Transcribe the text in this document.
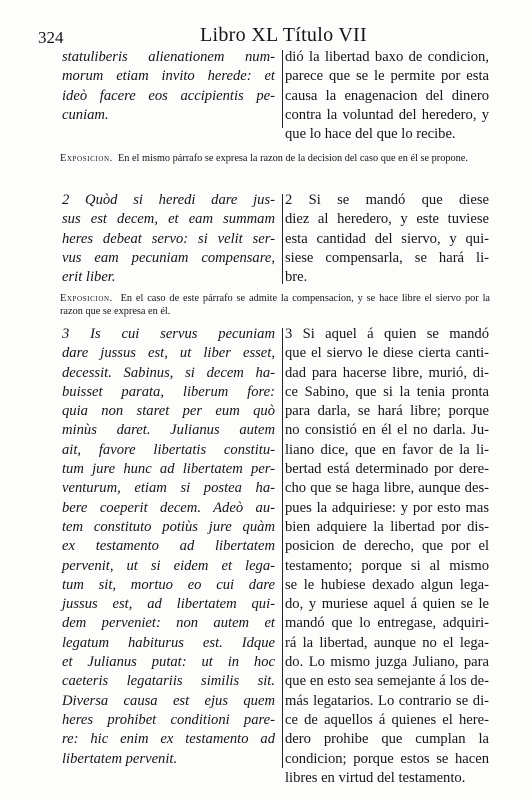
324	Libro XL Título VII
statuliberis alienationem num-
morum etiam invito herede: et
ideò facere eos accipientis pe-
cuniam.
dió la libertad baxo de condicion,
parece que se le permite por esta
causa la enagenacion del dinero
contra la voluntad del heredero, y
que lo hace del que lo recibe.
Exposicion. En el mismo párrafo se expresa la razon de la decision del caso que en él se propone.
2 Quòd si heredi dare jus-
sus est decem, et eam summam
heres debeat servo: si velit ser-
vus eam pecuniam compensare,
erit liber.
2 Si se mandó que diese
diez al heredero, y este tuviese
esta cantidad del siervo, y qui-
siese compensarla, se hará li-
bre.
Exposicion. En el caso de este párrafo se admite la compensacion, y se hace libre el siervo por la razon que se expresa en él.
3 Is cui servus pecuniam
dare jussus est, ut liber esset,
decessit. Sabinus, si decem ha-
buisset parata, liberum fore:
quia non staret per eum quò
minùs daret. Julianus autem
ait, favore libertatis constitu-
tum jure hunc ad libertatem per-
venturum, etiam si postea ha-
bere coeperit decem. Adeò au-
tem constituto potiùs jure quàm
ex testamento ad libertatem
pervenit, ut si eidem et lega-
tum sit, mortuo eo cui dare
jussus est, ad libertatem qui-
dem perveniet: non autem et
legatum habiturus est. Idque
et Julianus putat: ut in hoc
caeteris legatariis similis sit.
Diversa causa est ejus quem
heres prohibet conditioni pare-
re: hic enim ex testamento ad
libertatem pervenit.
3 Si aquel á quien se mandó
que el siervo le diese cierta canti-
dad para hacerse libre, murió, di-
ce Sabino, que si la tenia pronta
para darla, se hará libre; porque
no consistió en él el no darla. Ju-
liano dice, que en favor de la li-
bertad está determinado por dere-
cho que se haga libre, aunque des-
pues la adquiriese: y por esto mas
bien adquiere la libertad por dis-
posicion de derecho, que por el
testamento; porque si al mismo
se le hubiese dexado algun lega-
do, y muriese aquel á quien se le
mandó que lo entregase, adquiri-
rá la libertad, aunque no el lega-
do. Lo mismo juzga Juliano, para
que en esto sea semejante á los de-
más legatarios. Lo contrario se di-
ce de aquellos á quienes el here-
dero prohibe que cumplan la
condicion; porque estos se hacen
libres en virtud del testamento.
